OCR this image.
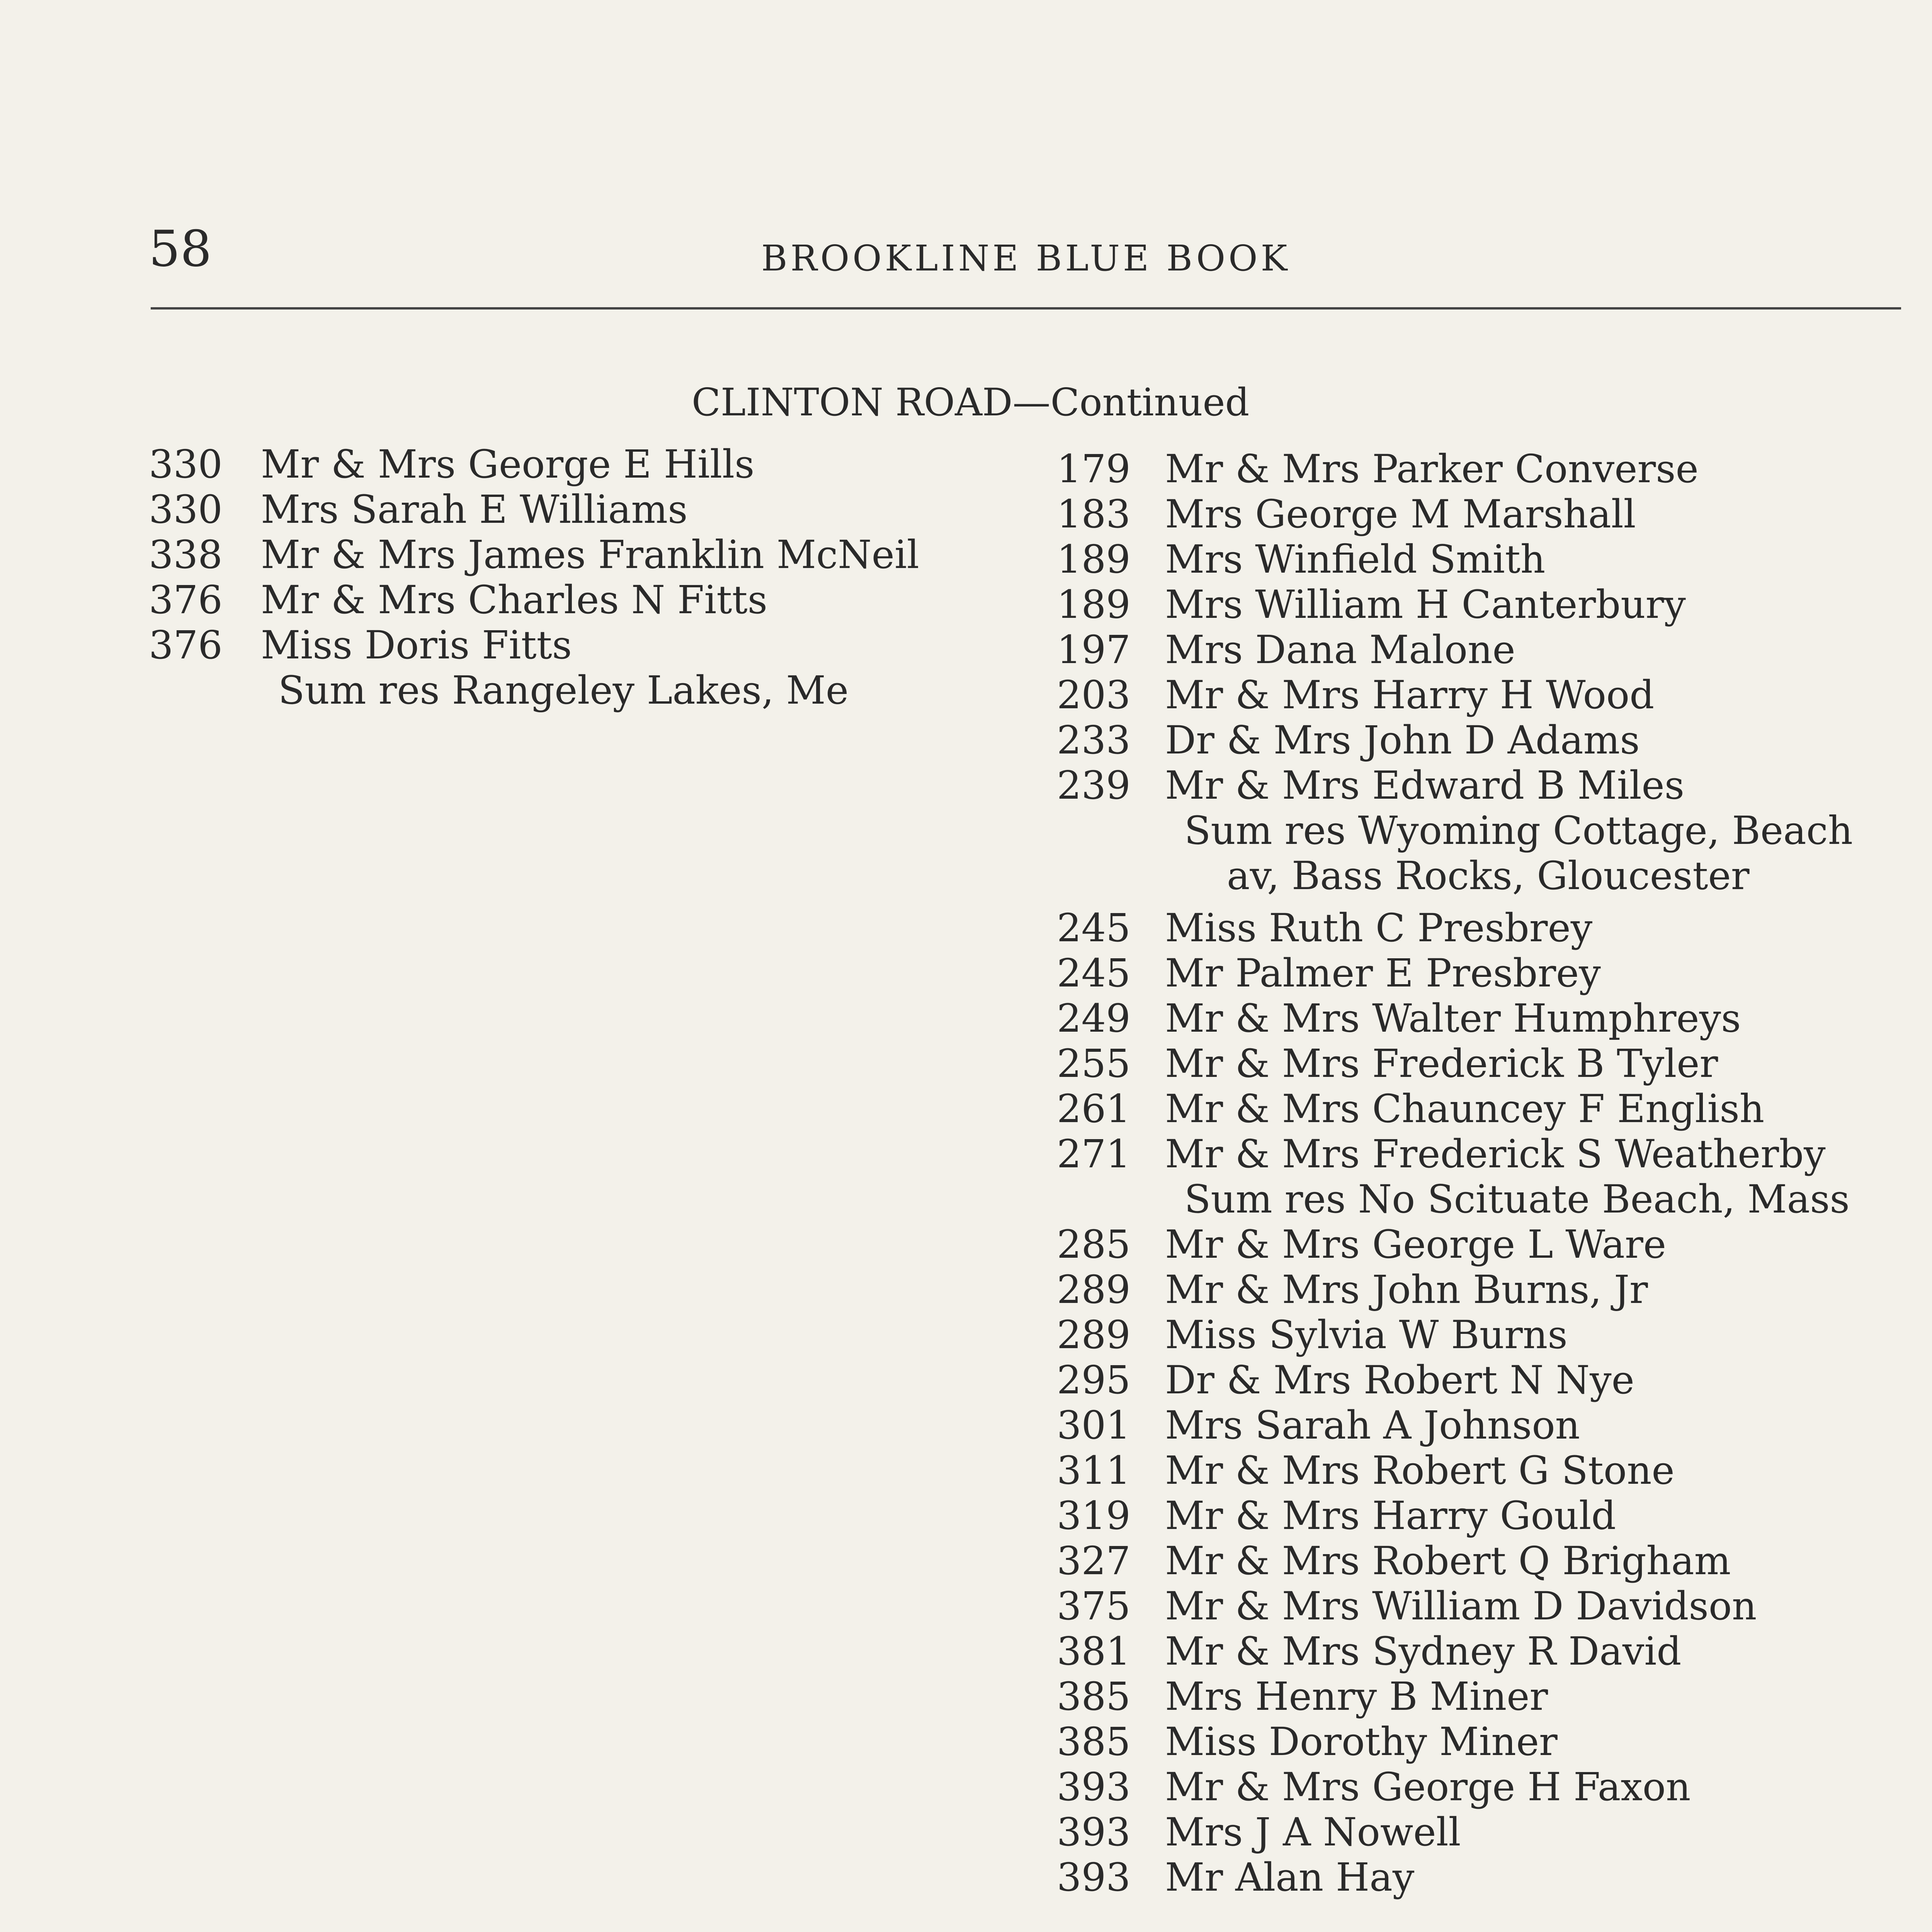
58	BROOKLINE BLUE BOOK
CLINTON ROAD—Continued
330 Mr & Mrs George E Hills
330 Mrs Sarah E Williams
338 Mr & Mrs James Franklin McNeil
376 Mr & Mrs Charles N Fitts
376 Miss Doris Fitts
Sum res Rangeley Lakes, Me
179 Mr & Mrs Parker Converse
183 Mrs George M Marshall
189 Mrs Winfield Smith
189 Mrs William H Canterbury
197 Mrs Dana Malone
203 Mr & Mrs Harry H Wood
233 Dr & Mrs John D Adams
239 Mr & Mrs Edward B Miles
Sum res Wyoming Cottage, Beach
av, Bass Rocks, Gloucester
245 Miss Ruth C Presbrey
245 Mr Palmer E Presbrey
249 Mr & Mrs Walter Humphreys
255 Mr & Mrs Frederick B Tyler
261 Mr & Mrs Chauncey F English
271 Mr & Mrs Frederick S Weatherby
Sum res No Scituate Beach, Mass
285 Mr & Mrs George L Ware
289 Mr & Mrs John Burns, Jr
289 Miss Sylvia W Burns
295 Dr & Mrs Robert N Nye
301 Mrs Sarah A Johnson
311 Mr & Mrs Robert G Stone
319 Mr & Mrs Harry Gould
327 Mr & Mrs Robert Q Brigham
375 Mr & Mrs William D Davidson
381 Mr & Mrs Sydney R David
385 Mrs Henry B Miner
385 Miss Dorothy Miner
393 Mr & Mrs George H Faxon
393 Mrs J A Nowell
393 Mr Alan Hay
